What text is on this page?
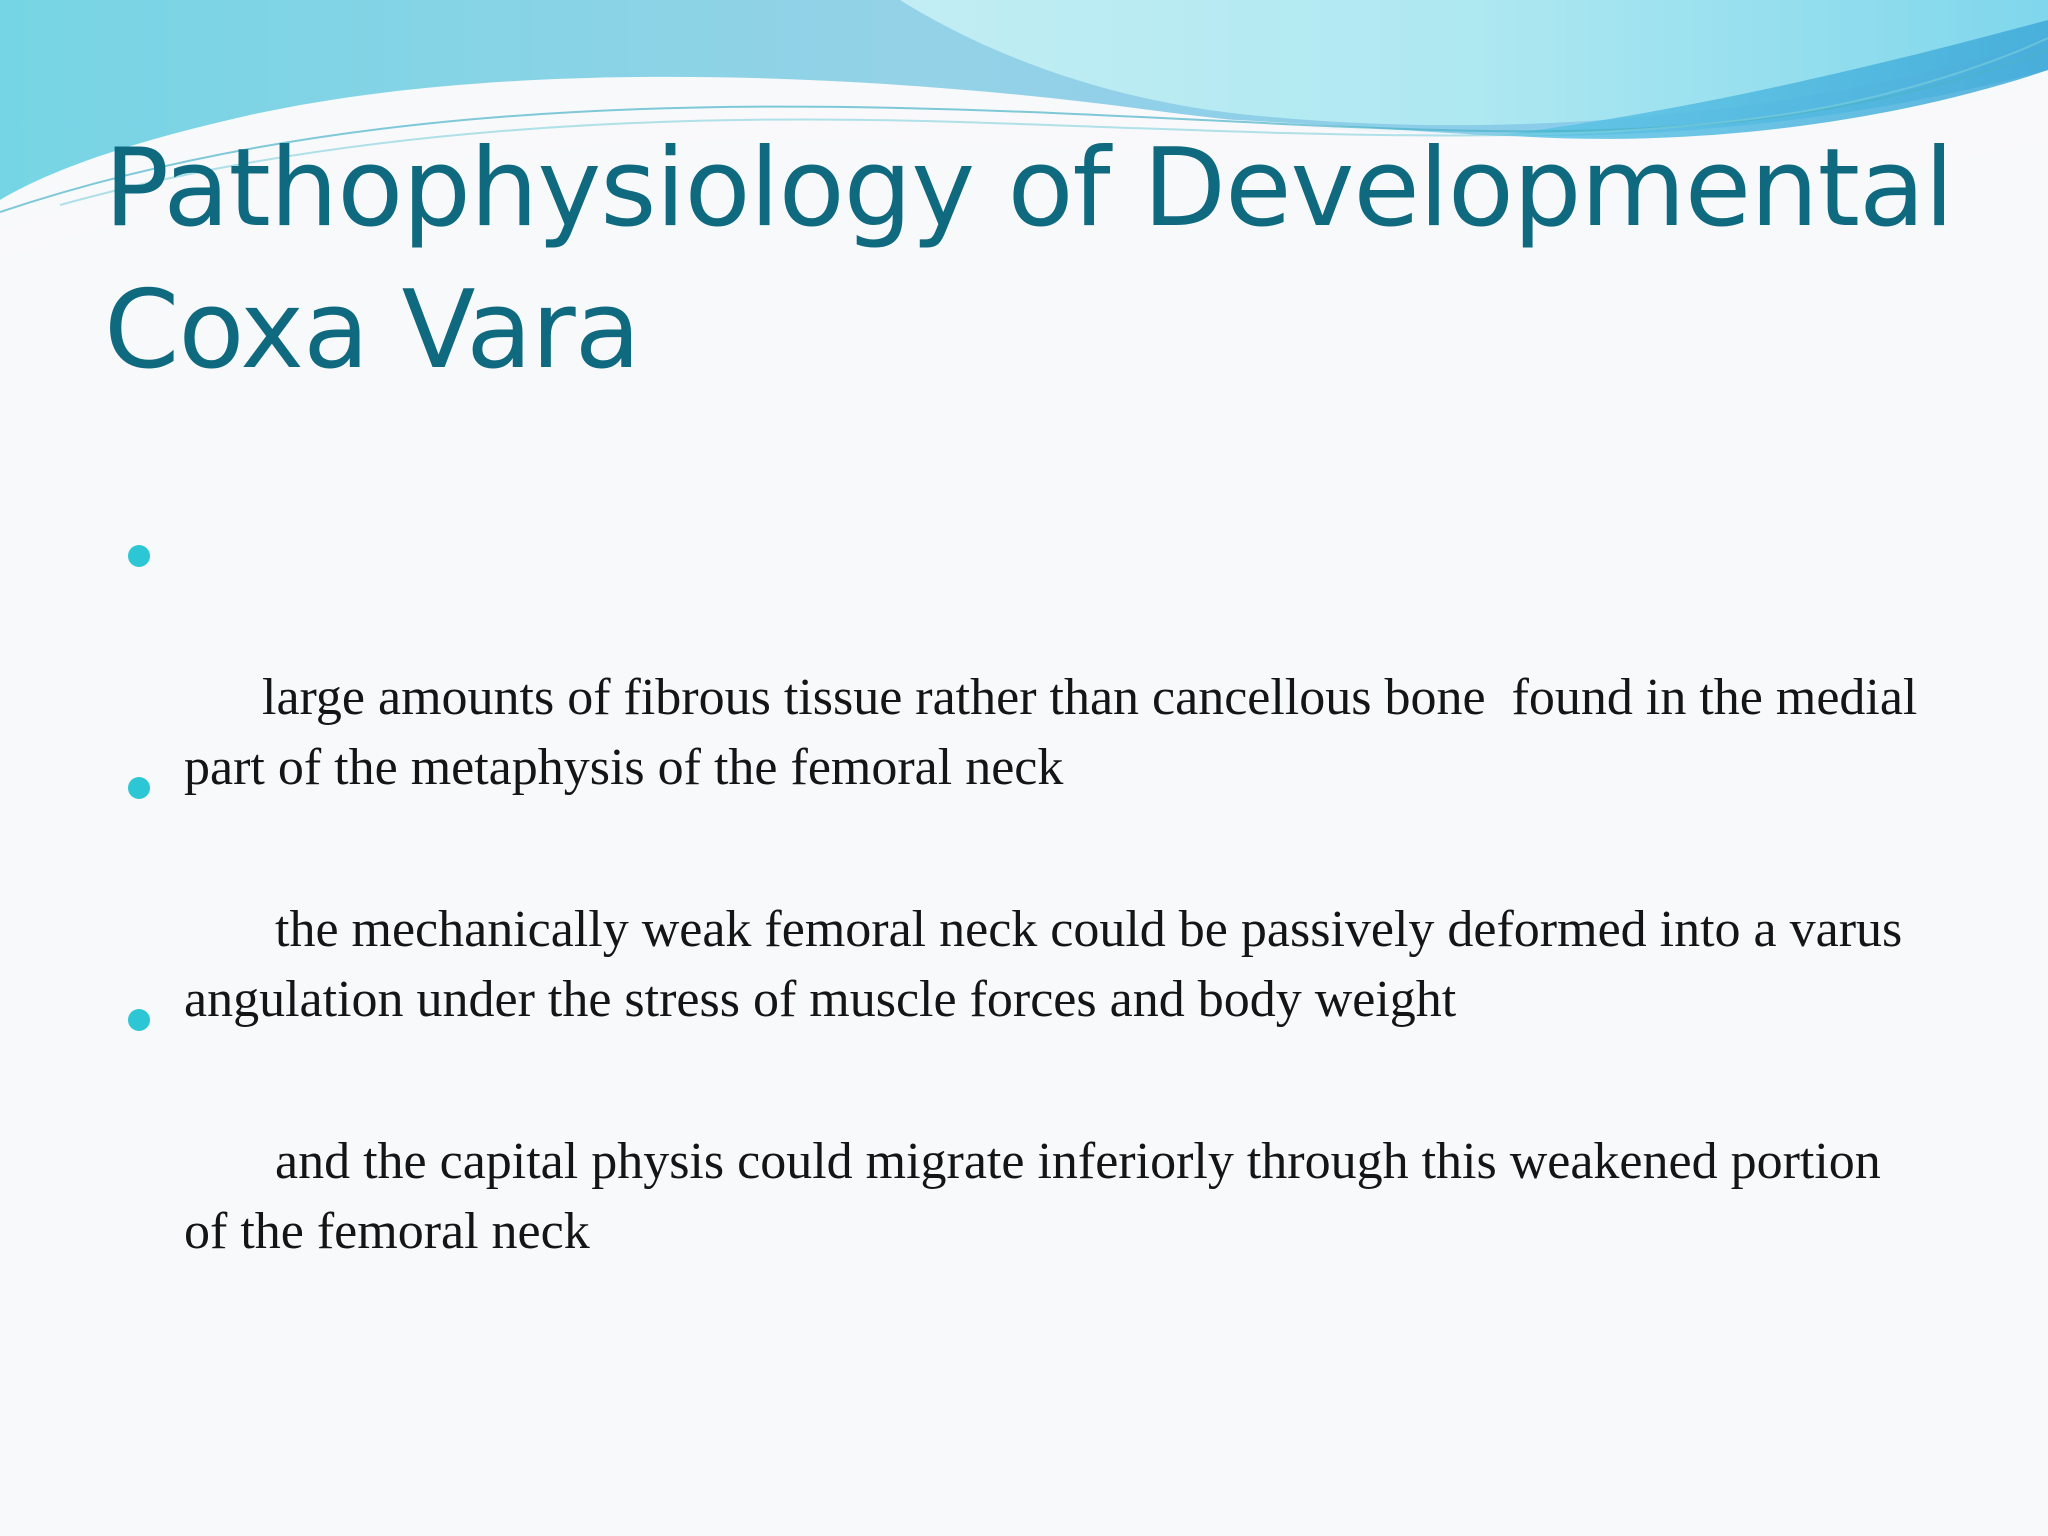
Pathophysiology of Developmental
Coxa Vara

large amounts of fibrous tissue rather than cancellous bone  found in the medial part of the metaphysis of the femoral neck

the mechanically weak femoral neck could be passively deformed into a varus angulation under the stress of muscle forces and body weight

and the capital physis could migrate inferiorly through this weakened portion of the femoral neck
